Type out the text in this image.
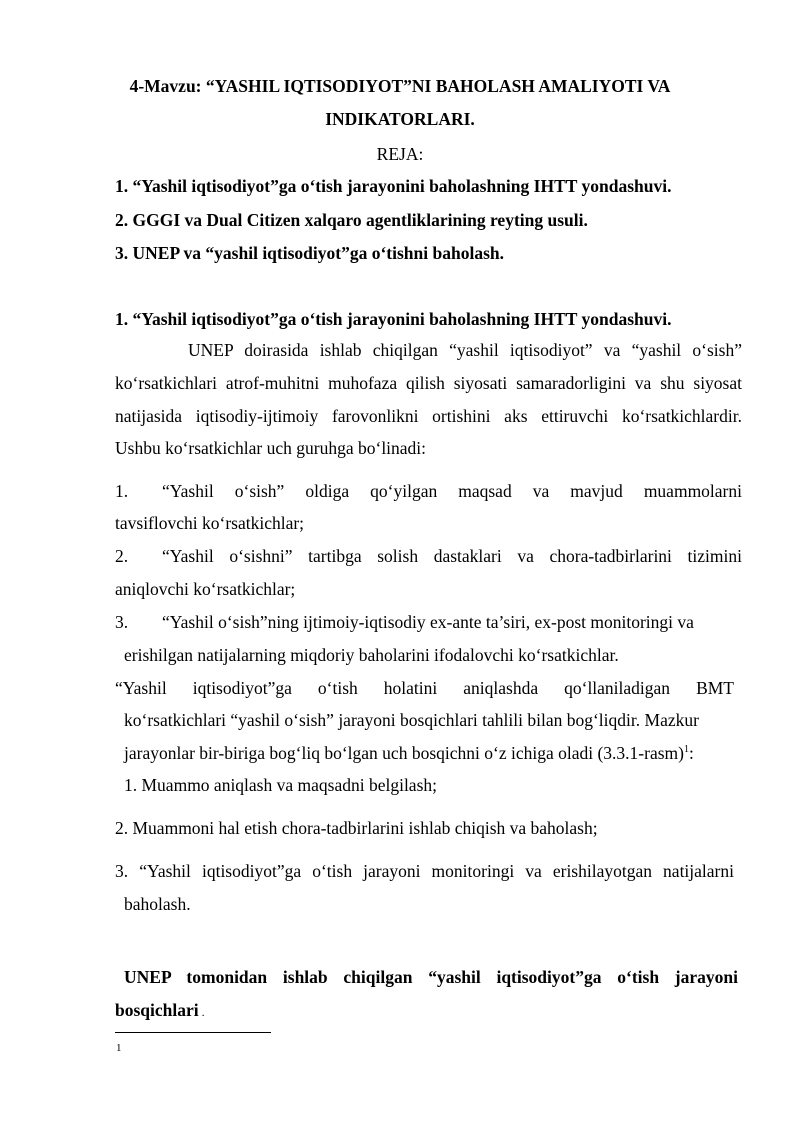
4-Mavzu: “YASHIL IQTISODIYOT”NI BAHOLASH AMALIYOTI VA
INDIKATORLARI.
REJA:
1. “Yashil iqtisodiyot”ga o‘tish jarayonini baholashning IHTT yondashuvi.
2. GGGI va Dual Citizen xalqaro agentliklarining reyting usuli.
3. UNEP va “yashil iqtisodiyot”ga o‘tishni baholash.
1. “Yashil iqtisodiyot”ga o‘tish jarayonini baholashning IHTT yondashuvi.
UNEP doirasida ishlab chiqilgan “yashil iqtisodiyot” va “yashil o‘sish”
ko‘rsatkichlari atrof-muhitni muhofaza qilish siyosati samaradorligini va shu siyosat
natijasida iqtisodiy-ijtimoiy farovonlikni ortishini aks ettiruvchi ko‘rsatkichlardir.
Ushbu ko‘rsatkichlar uch guruhga bo‘linadi:
1. “Yashil o‘sish” oldiga qo‘yilgan maqsad va mavjud muammolarni
tavsiflovchi ko‘rsatkichlar;
2. “Yashil o‘sishni” tartibga solish dastaklari va chora-tadbirlarini tizimini
aniqlovchi ko‘rsatkichlar;
3. “Yashil o‘sish”ning ijtimoiy-iqtisodiy ex-ante ta’siri, ex-post monitoringi va
erishilgan natijalarning miqdoriy baholarini ifodalovchi ko‘rsatkichlar.
“Yashil iqtisodiyot”ga o‘tish holatini aniqlashda qo‘llaniladigan BMT
ko‘rsatkichlari “yashil o‘sish” jarayoni bosqichlari tahlili bilan bog‘liqdir. Mazkur
jarayonlar bir-biriga bog‘liq bo‘lgan uch bosqichni o‘z ichiga oladi (3.3.1-rasm)$^1$:
1. Muammo aniqlash va maqsadni belgilash;
2. Muammoni hal etish chora-tadbirlarini ishlab chiqish va baholash;
3. “Yashil iqtisodiyot”ga o‘tish jarayoni monitoringi va erishilayotgan natijalarni
baholash.
UNEP tomonidan ishlab chiqilgan “yashil iqtisodiyot”ga o‘tish jarayoni
bosqichlari .
1
